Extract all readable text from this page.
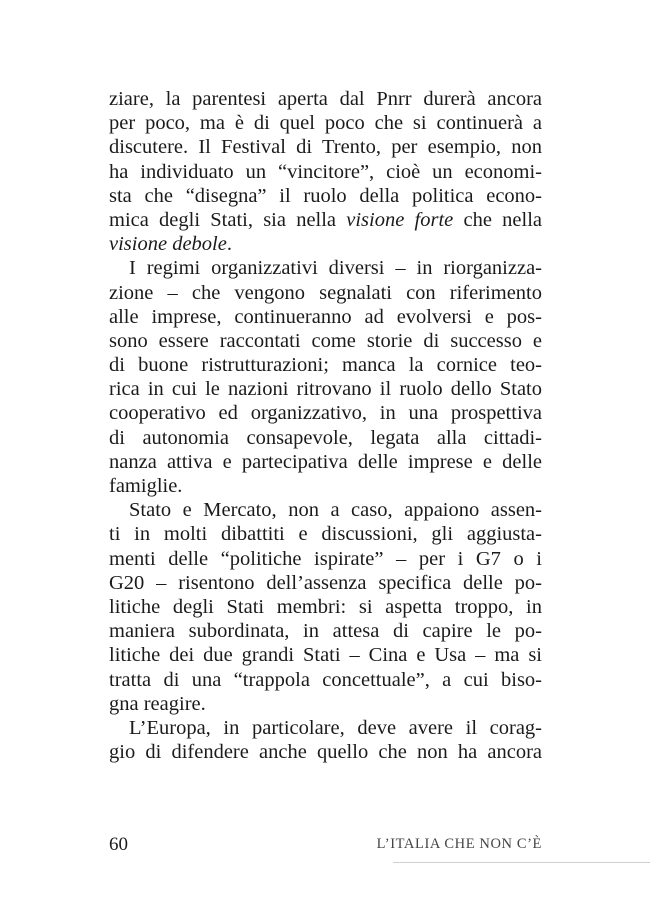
ziare, la parentesi aperta dal Pnrr durerà ancora
per poco, ma è di quel poco che si continuerà a
discutere. Il Festival di Trento, per esempio, non
ha individuato un “vincitore”, cioè un economi-
sta che “disegna” il ruolo della politica econo-
mica degli Stati, sia nella visione forte che nella
visione debole.
I regimi organizzativi diversi – in riorganizza-
zione – che vengono segnalati con riferimento
alle imprese, continueranno ad evolversi e pos-
sono essere raccontati come storie di successo e
di buone ristrutturazioni; manca la cornice teo-
rica in cui le nazioni ritrovano il ruolo dello Stato
cooperativo ed organizzativo, in una prospettiva
di autonomia consapevole, legata alla cittadi-
nanza attiva e partecipativa delle imprese e delle
famiglie.
Stato e Mercato, non a caso, appaiono assen-
ti in molti dibattiti e discussioni, gli aggiusta-
menti delle “politiche ispirate” – per i G7 o i
G20 – risentono dell’assenza specifica delle po-
litiche degli Stati membri: si aspetta troppo, in
maniera subordinata, in attesa di capire le po-
litiche dei due grandi Stati – Cina e Usa – ma si
tratta di una “trappola concettuale”, a cui biso-
gna reagire.
L’Europa, in particolare, deve avere il corag-
gio di difendere anche quello che non ha ancora
60	L’ITALIA CHE NON C’È
